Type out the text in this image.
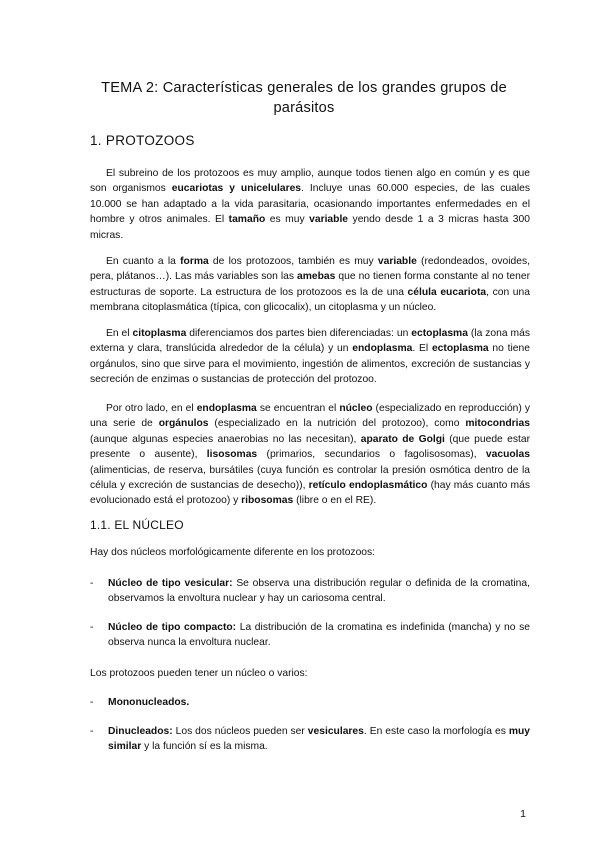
TEMA 2: Características generales de los grandes grupos de
parásitos
1. PROTOZOOS

El subreino de los protozoos es muy amplio, aunque todos tienen algo en común y es que son organismos eucariotas y unicelulares. Incluye unas 60.000 especies, de las cuales 10.000 se han adaptado a la vida parasitaria, ocasionando importantes enfermedades en el hombre y otros animales. El tamaño es muy variable yendo desde 1 a 3 micras hasta 300 micras.

En cuanto a la forma de los protozoos, también es muy variable (redondeados, ovoides, pera, plátanos…). Las más variables son las amebas que no tienen forma constante al no tener estructuras de soporte. La estructura de los protozoos es la de una célula eucariota, con una membrana citoplasmática (típica, con glicocalix), un citoplasma y un núcleo.

En el citoplasma diferenciamos dos partes bien diferenciadas: un ectoplasma (la zona más externa y clara, translúcida alrededor de la célula) y un endoplasma. El ectoplasma no tiene orgánulos, sino que sirve para el movimiento, ingestión de alimentos, excreción de sustancias y secreción de enzimas o sustancias de protección del protozoo.

Por otro lado, en el endoplasma se encuentran el núcleo (especializado en reproducción) y una serie de orgánulos (especializado en la nutrición del protozoo), como mitocondrias (aunque algunas especies anaerobias no las necesitan), aparato de Golgi (que puede estar presente o ausente), lisosomas (primarios, secundarios o fagolisosomas), vacuolas (alimenticias, de reserva, bursátiles (cuya función es controlar la presión osmótica dentro de la célula y excreción de sustancias de desecho)), retículo endoplasmático (hay más cuanto más evolucionado está el protozoo) y ribosomas (libre o en el RE).

1.1. EL NÚCLEO

Hay dos núcleos morfológicamente diferente en los protozoos:

-	Núcleo de tipo vesicular: Se observa una distribución regular o definida de la cromatina, observamos la envoltura nuclear y hay un cariosoma central.

-	Núcleo de tipo compacto: La distribución de la cromatina es indefinida (mancha) y no se observa nunca la envoltura nuclear.

Los protozoos pueden tener un núcleo o varios:

-	Mononucleados.

-	Dinucleados: Los dos núcleos pueden ser vesiculares. En este caso la morfología es muy similar y la función sí es la misma.

1
